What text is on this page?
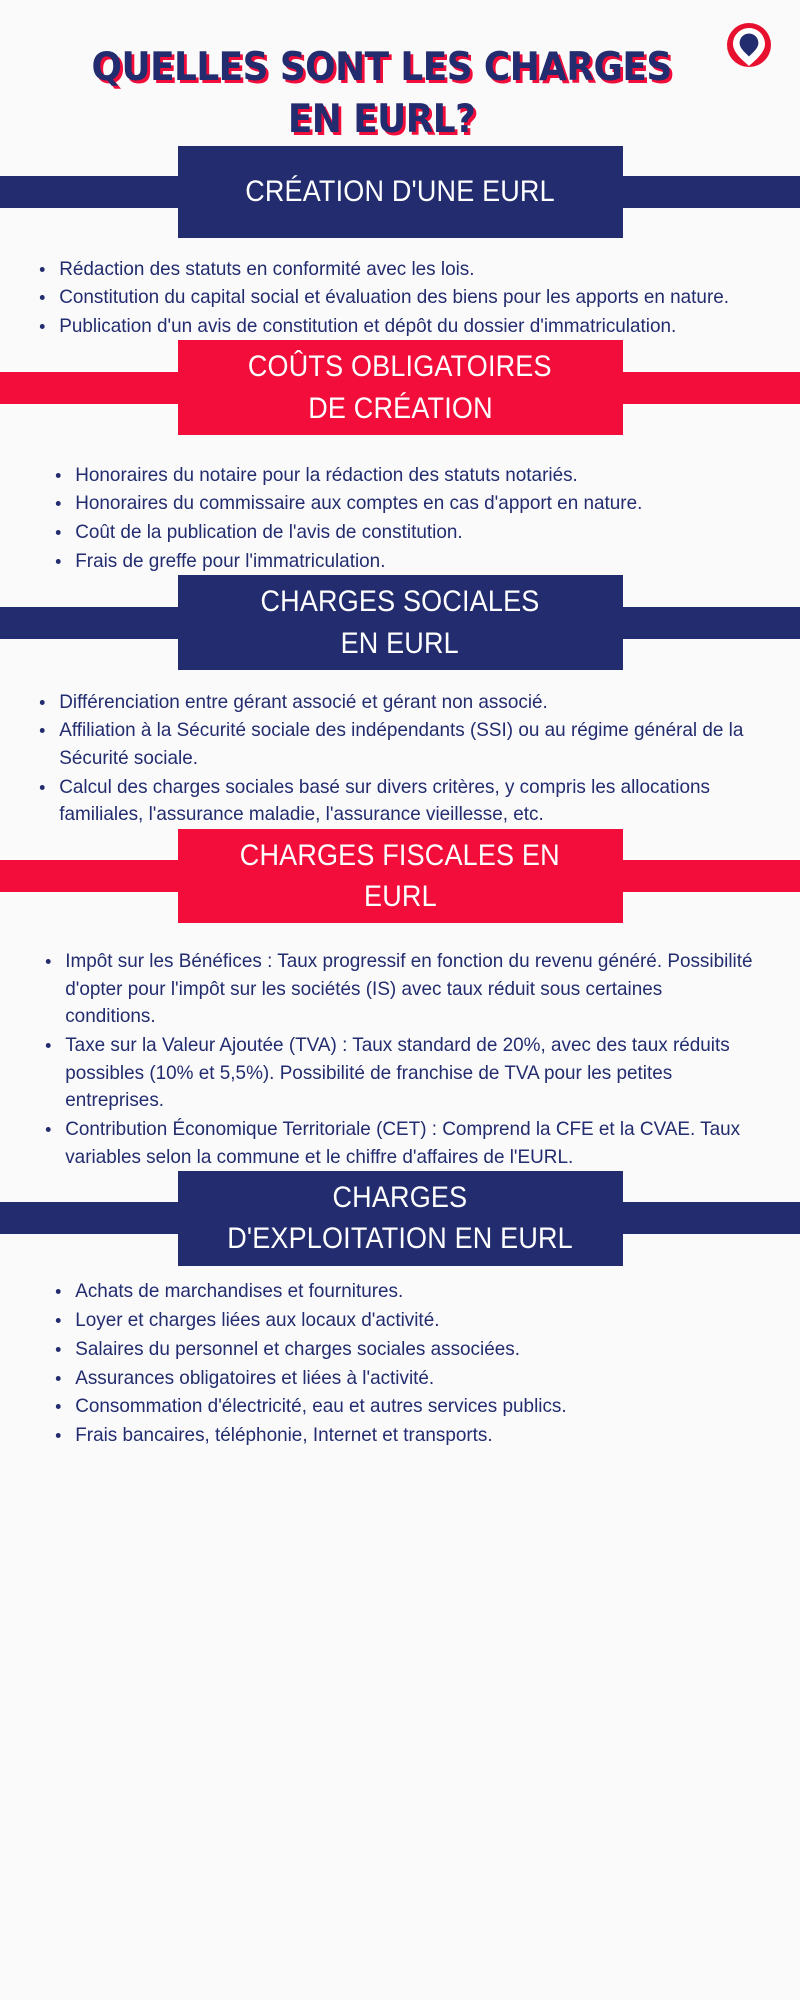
QUELLES SONT LES CHARGES
EN EURL?
CRÉATION D'UNE EURL
Rédaction des statuts en conformité avec les lois.
Constitution du capital social et évaluation des biens pour les apports en nature.
Publication d'un avis de constitution et dépôt du dossier d'immatriculation.
COÛTS OBLIGATOIRES
DE CRÉATION
Honoraires du notaire pour la rédaction des statuts notariés.
Honoraires du commissaire aux comptes en cas d'apport en nature.
Coût de la publication de l'avis de constitution.
Frais de greffe pour l'immatriculation.
CHARGES SOCIALES
EN EURL
Différenciation entre gérant associé et gérant non associé.
Affiliation à la Sécurité sociale des indépendants (SSI) ou au régime général de la Sécurité sociale.
Calcul des charges sociales basé sur divers critères, y compris les allocations familiales, l'assurance maladie, l'assurance vieillesse, etc.
CHARGES FISCALES EN
EURL
Impôt sur les Bénéfices : Taux progressif en fonction du revenu généré. Possibilité d'opter pour l'impôt sur les sociétés (IS) avec taux réduit sous certaines conditions.
Taxe sur la Valeur Ajoutée (TVA) : Taux standard de 20%, avec des taux réduits possibles (10% et 5,5%). Possibilité de franchise de TVA pour les petites entreprises.
Contribution Économique Territoriale (CET) : Comprend la CFE et la CVAE. Taux variables selon la commune et le chiffre d'affaires de l'EURL.
CHARGES
D'EXPLOITATION EN EURL
Achats de marchandises et fournitures.
Loyer et charges liées aux locaux d'activité.
Salaires du personnel et charges sociales associées.
Assurances obligatoires et liées à l'activité.
Consommation d'électricité, eau et autres services publics.
Frais bancaires, téléphonie, Internet et transports.
